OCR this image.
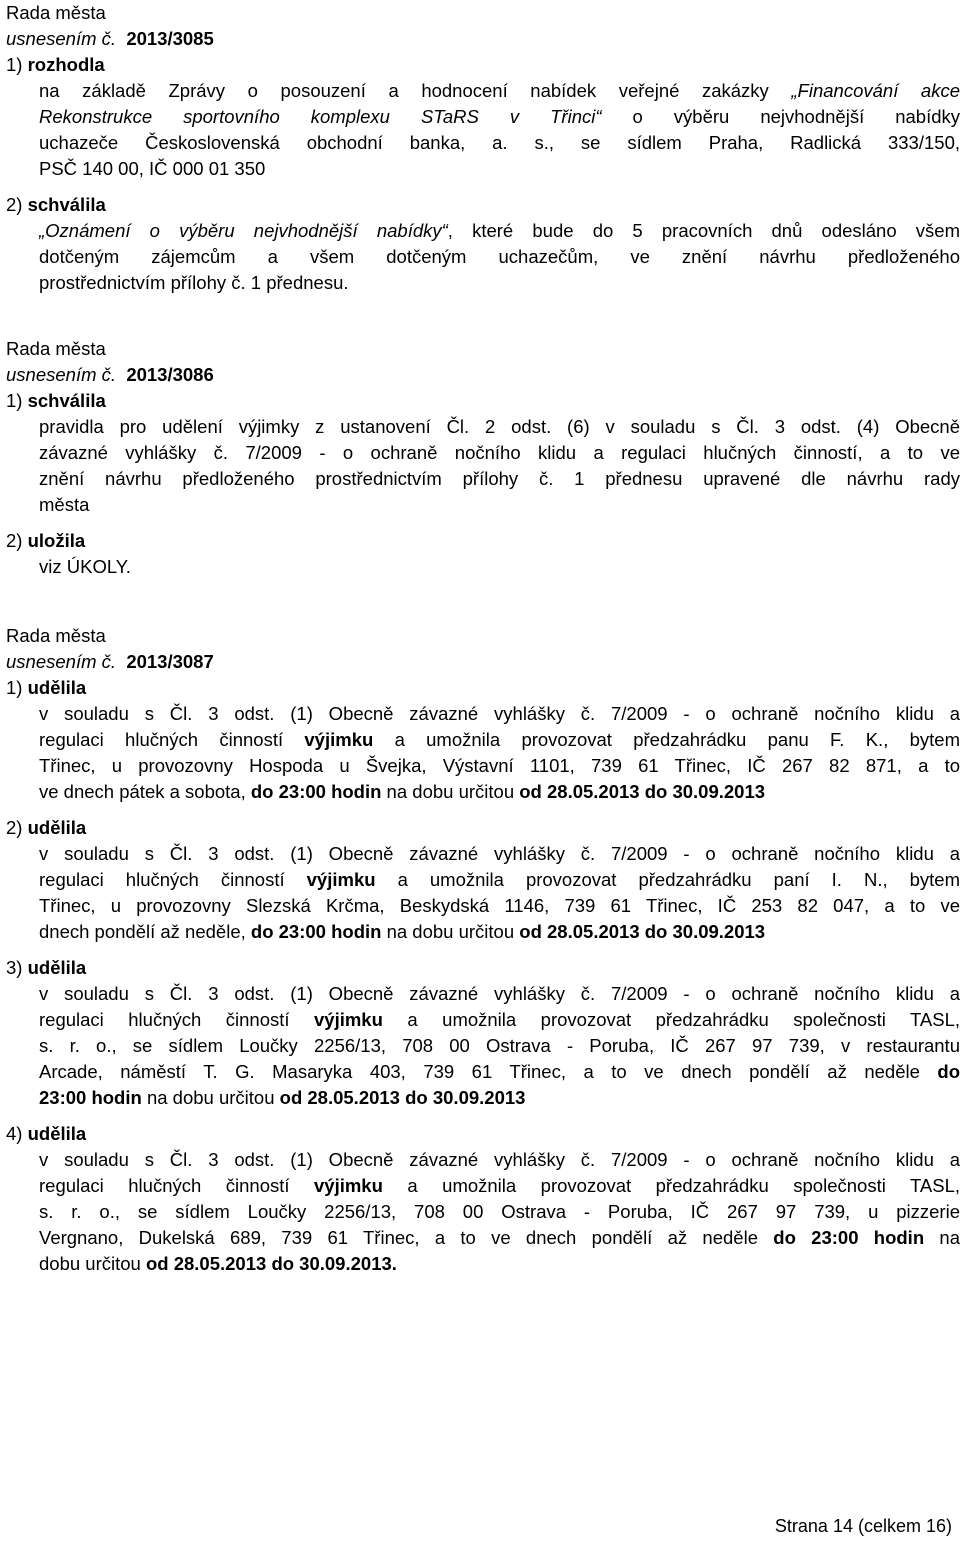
Rada města
usnesením č. 2013/3085
1) rozhodla
na základě Zprávy o posouzení a hodnocení nabídek veřejné zakázky „Financování akce
Rekonstrukce sportovního komplexu STaRS v Třinci“ o výběru nejvhodnější nabídky
uchazeče Československá obchodní banka, a. s., se sídlem Praha, Radlická 333/150,
PSČ 140 00, IČ 000 01 350
2) schválila
„Oznámení o výběru nejvhodnější nabídky“, které bude do 5 pracovních dnů odesláno všem
dotčeným zájemcům a všem dotčeným uchazečům, ve znění návrhu předloženého
prostřednictvím přílohy č. 1 přednesu.
Rada města
usnesením č. 2013/3086
1) schválila
pravidla pro udělení výjimky z ustanovení Čl. 2 odst. (6) v souladu s Čl. 3 odst. (4) Obecně
závazné vyhlášky č. 7/2009 - o ochraně nočního klidu a regulaci hlučných činností, a to ve
znění návrhu předloženého prostřednictvím přílohy č. 1 přednesu upravené dle návrhu rady
města
2) uložila
viz ÚKOLY.
Rada města
usnesením č. 2013/3087
1) udělila
v souladu s Čl. 3 odst. (1) Obecně závazné vyhlášky č. 7/2009 - o ochraně nočního klidu a
regulaci hlučných činností výjimku a umožnila provozovat předzahrádku panu F. K., bytem
Třinec, u provozovny Hospoda u Švejka, Výstavní 1101, 739 61 Třinec, IČ 267 82 871, a to
ve dnech pátek a sobota, do 23:00 hodin na dobu určitou od 28.05.2013 do 30.09.2013
2) udělila
v souladu s Čl. 3 odst. (1) Obecně závazné vyhlášky č. 7/2009 - o ochraně nočního klidu a
regulaci hlučných činností výjimku a umožnila provozovat předzahrádku paní I. N., bytem
Třinec, u provozovny Slezská Krčma, Beskydská 1146, 739 61 Třinec, IČ 253 82 047, a to ve
dnech pondělí až neděle, do 23:00 hodin na dobu určitou od 28.05.2013 do 30.09.2013
3) udělila
v souladu s Čl. 3 odst. (1) Obecně závazné vyhlášky č. 7/2009 - o ochraně nočního klidu a
regulaci hlučných činností výjimku a umožnila provozovat předzahrádku společnosti TASL,
s. r. o., se sídlem Loučky 2256/13, 708 00 Ostrava - Poruba, IČ 267 97 739, v restaurantu
Arcade, náměstí T. G. Masaryka 403, 739 61 Třinec, a to ve dnech pondělí až neděle do
23:00 hodin na dobu určitou od 28.05.2013 do 30.09.2013
4) udělila
v souladu s Čl. 3 odst. (1) Obecně závazné vyhlášky č. 7/2009 - o ochraně nočního klidu a
regulaci hlučných činností výjimku a umožnila provozovat předzahrádku společnosti TASL,
s. r. o., se sídlem Loučky 2256/13, 708 00 Ostrava - Poruba, IČ 267 97 739, u pizzerie
Vergnano, Dukelská 689, 739 61 Třinec, a to ve dnech pondělí až neděle do 23:00 hodin na
dobu určitou od 28.05.2013 do 30.09.2013.
Strana 14 (celkem 16)
